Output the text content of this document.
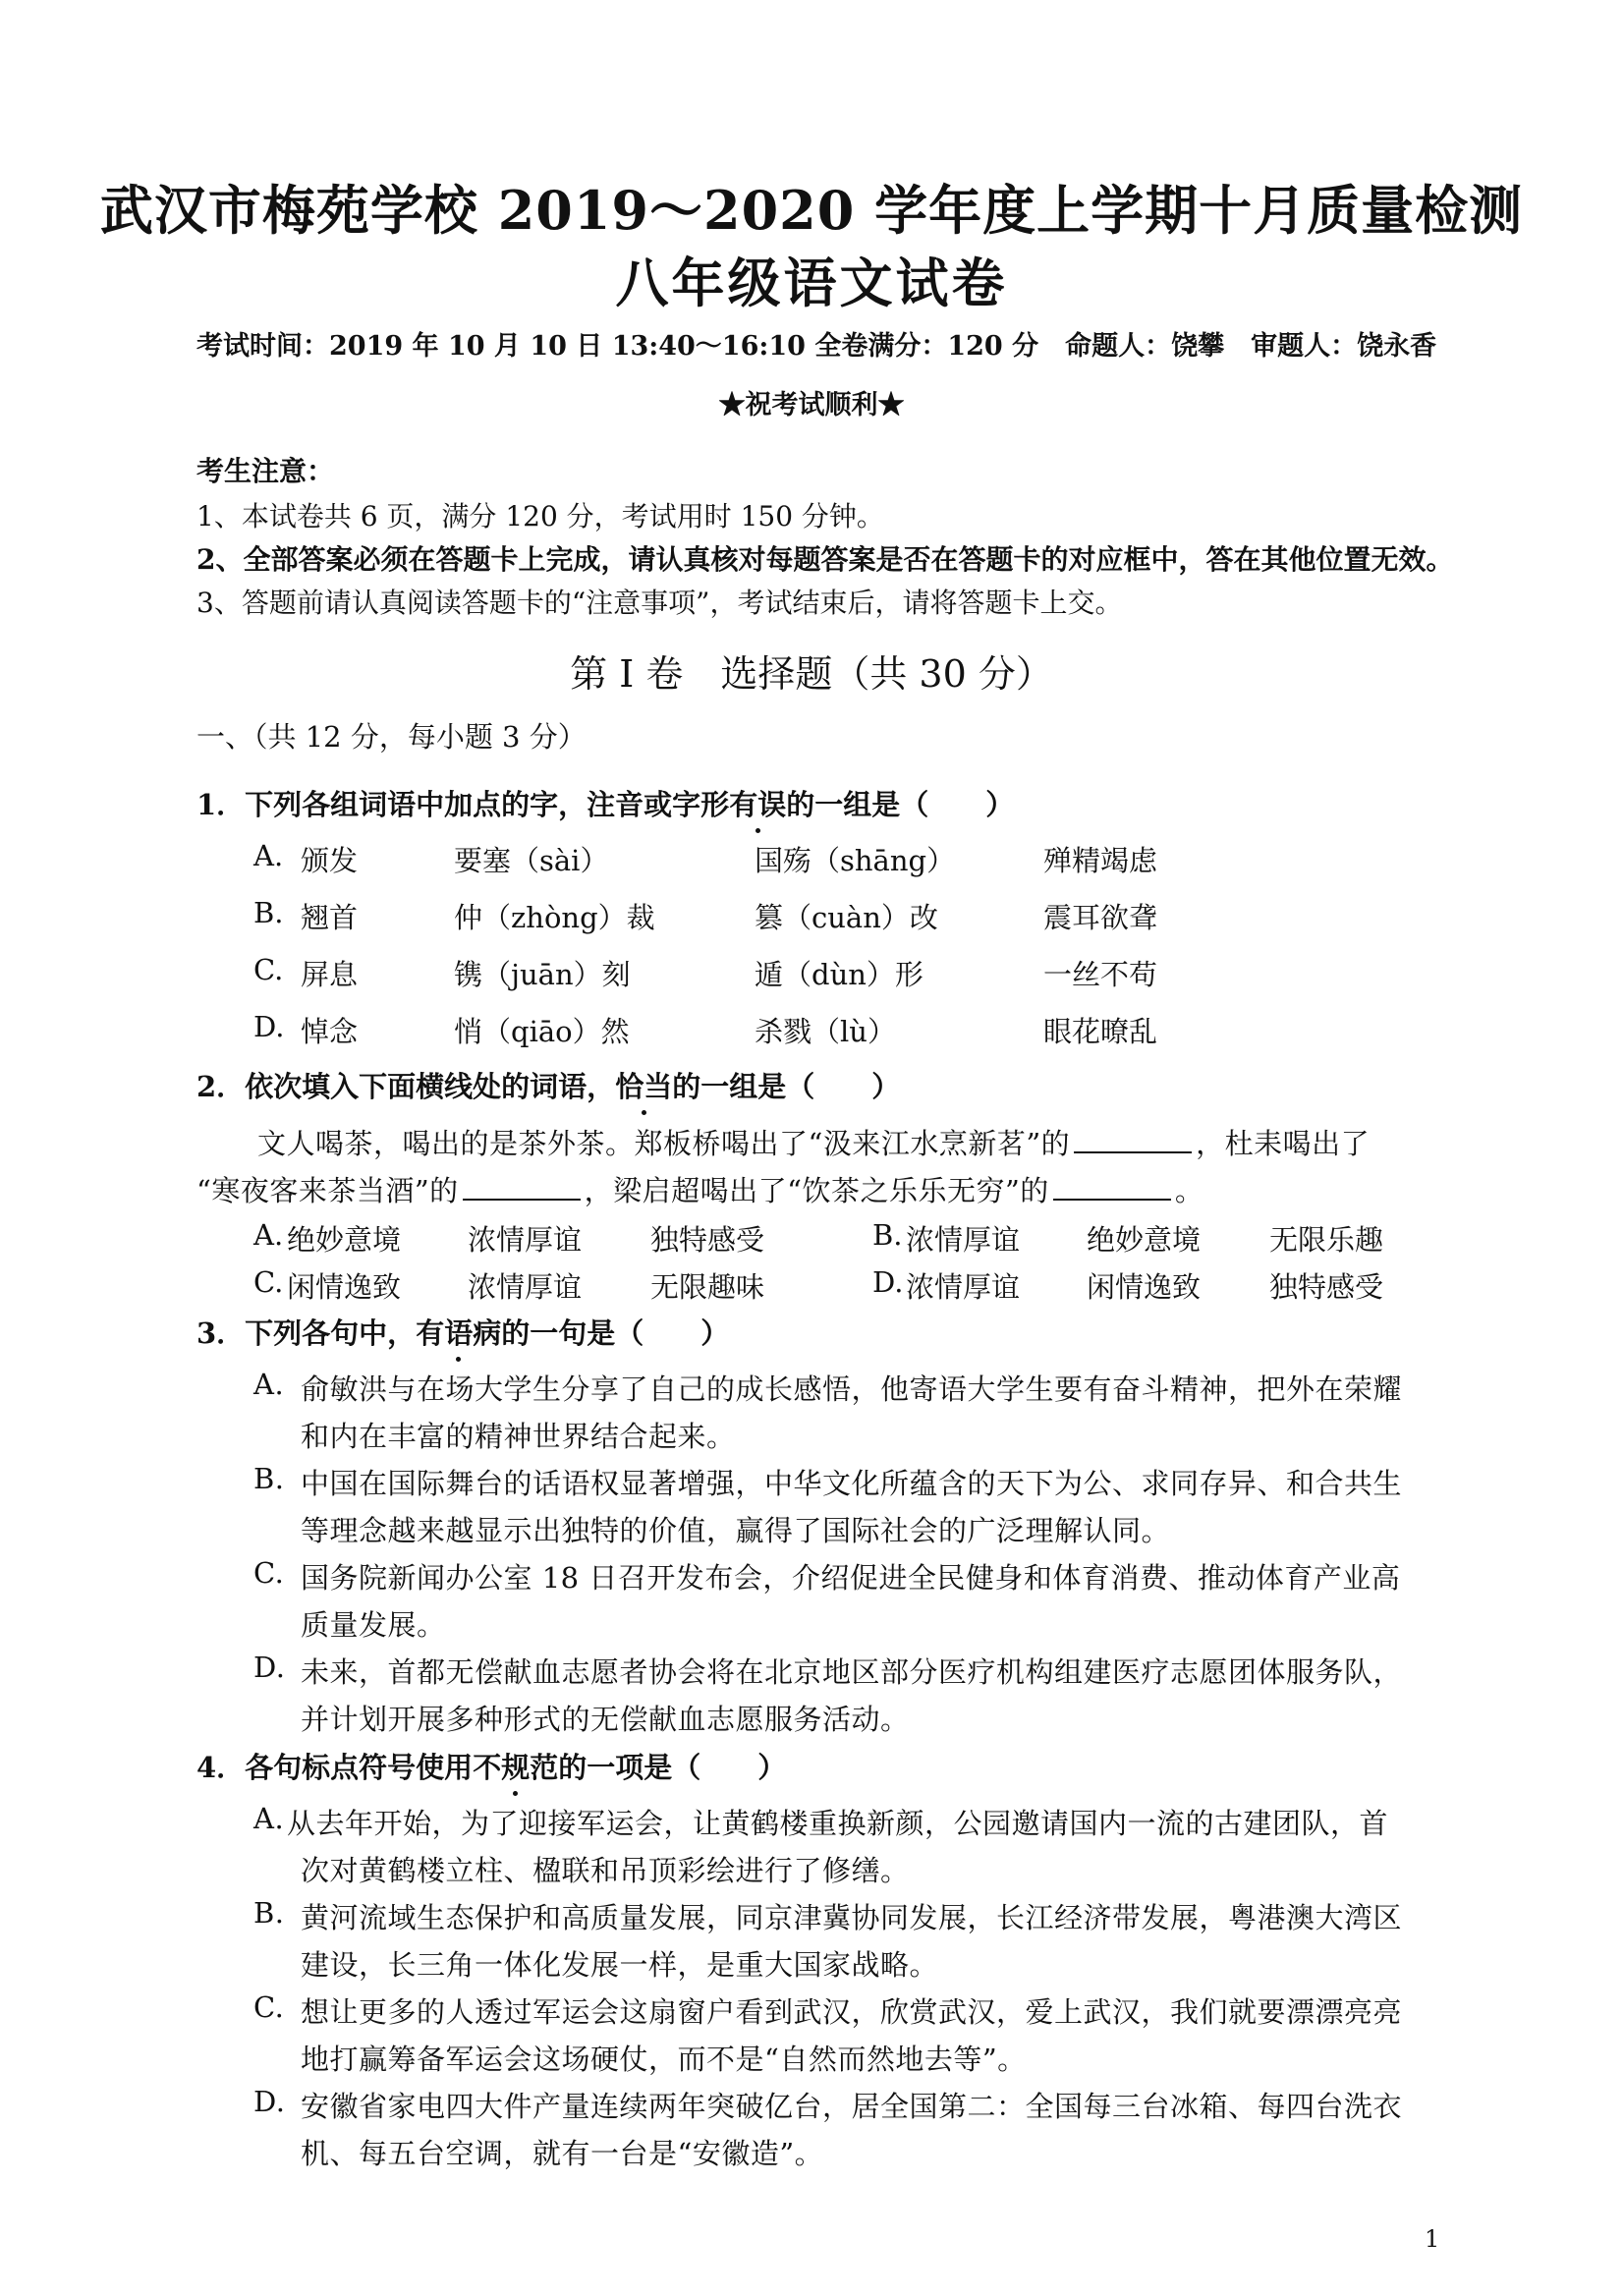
武汉市梅苑学校 2019～2020 学年度上学期十月质量检测
八年级语文试卷
考试时间：2019 年 10 月 10 日 13:40～16:10 全卷满分：120 分　命题人：饶攀　审题人：饶永香
★祝考试顺利★
考生注意：
1、本试卷共 6 页，满分 120 分，考试用时 150 分钟。
2、全部答案必须在答题卡上完成，请认真核对每题答案是否在答题卡的对应框中，答在其他位置无效。
3、答题前请认真阅读答题卡的“注意事项”，考试结束后，请将答题卡上交。
第 I 卷　选择题（共 30 分）
一、（共 12 分，每小题 3 分）
1．下列各组词语中加点的字，注音或字形有误的一组是（　　）
A. 颁发	要塞（sài）	国殇（shāng）	殚精竭虑
B. 翘首	仲（zhòng）裁	篡（cuàn）改	震耳欲聋
C. 屏息	镌（juān）刻	遁（dùn）形	一丝不苟
D. 悼念	悄（qiāo）然	杀戮（lù）	眼花暸乱
2．依次填入下面横线处的词语，恰当的一组是（　　）
文人喝茶，喝出的是茶外茶。郑板桥喝出了“汲来江水烹新茗”的	，杜耒喝出了
“寒夜客来茶当酒”的	，梁启超喝出了“饮茶之乐乐无穷”的	。
A. 绝妙意境 浓情厚谊 独特感受	B. 浓情厚谊 绝妙意境 无限乐趣
C. 闲情逸致 浓情厚谊 无限趣味	D. 浓情厚谊 闲情逸致 独特感受
3．下列各句中，有语病的一句是（　　）
A. 俞敏洪与在场大学生分享了自己的成长感悟，他寄语大学生要有奋斗精神，把外在荣耀
和内在丰富的精神世界结合起来。
B. 中国在国际舞台的话语权显著增强，中华文化所蕴含的天下为公、求同存异、和合共生
等理念越来越显示出独特的价值，赢得了国际社会的广泛理解认同。
C. 国务院新闻办公室 18 日召开发布会，介绍促进全民健身和体育消费、推动体育产业高
质量发展。
D. 未来，首都无偿献血志愿者协会将在北京地区部分医疗机构组建医疗志愿团体服务队，
并计划开展多种形式的无偿献血志愿服务活动。
4．各句标点符号使用不规范的一项是（　　）
A. 从去年开始，为了迎接军运会，让黄鹤楼重换新颜，公园邀请国内一流的古建团队，首
次对黄鹤楼立柱、楹联和吊顶彩绘进行了修缮。
B. 黄河流域生态保护和高质量发展，同京津冀协同发展，长江经济带发展，粤港澳大湾区
建设，长三角一体化发展一样，是重大国家战略。
C. 想让更多的人透过军运会这扇窗户看到武汉，欣赏武汉，爱上武汉，我们就要漂漂亮亮
地打赢筹备军运会这场硬仗，而不是“自然而然地去等”。
D. 安徽省家电四大件产量连续两年突破亿台，居全国第二：全国每三台冰箱、每四台洗衣
机、每五台空调，就有一台是“安徽造”。
1
